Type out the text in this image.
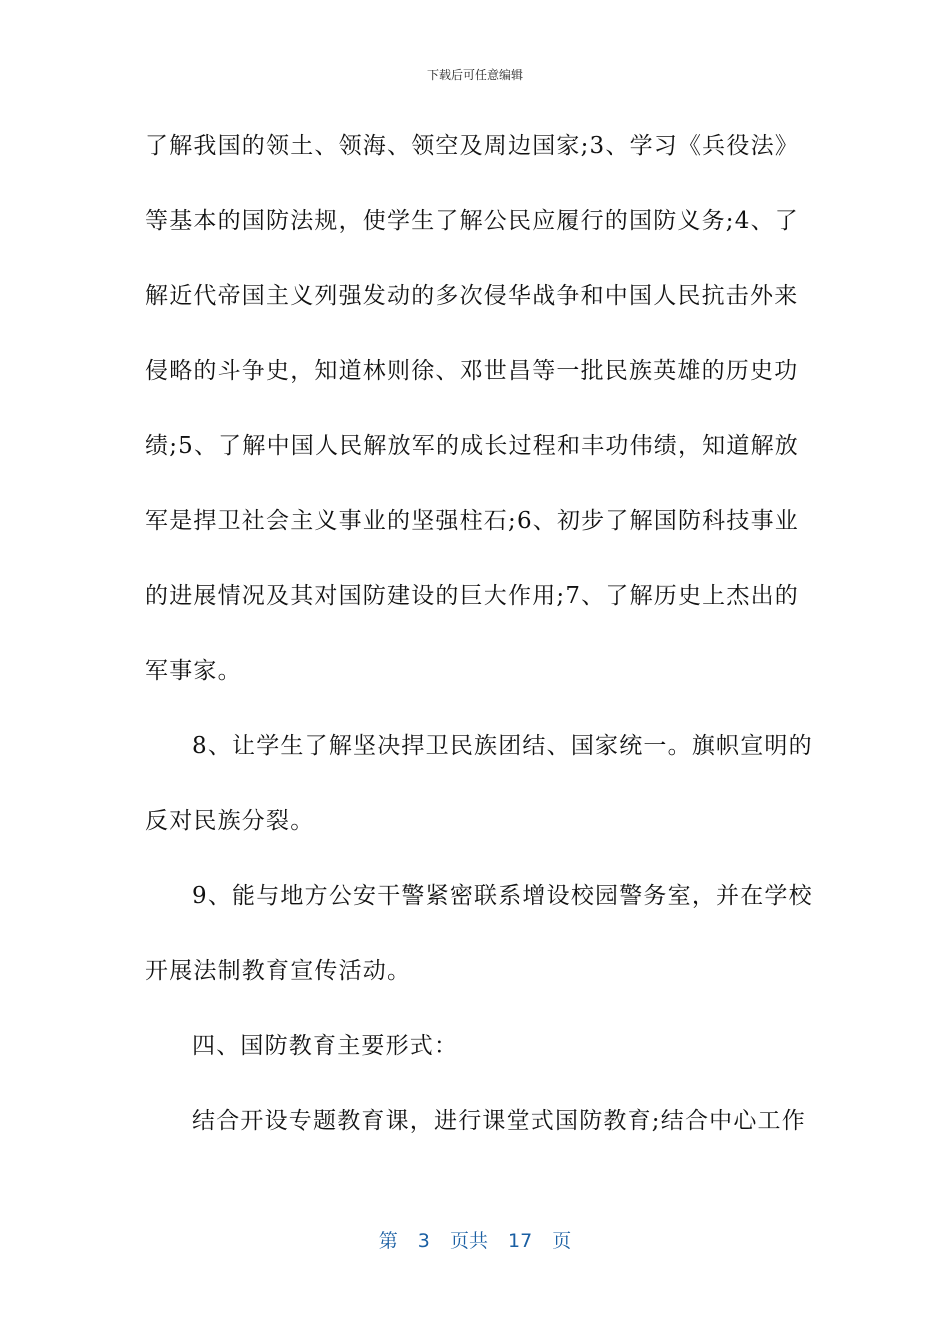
下载后可任意编辑
了解我国的领土、领海、领空及周边国家;3、学习《兵役法》
等基本的国防法规，使学生了解公民应履行的国防义务;4、了
解近代帝国主义列强发动的多次侵华战争和中国人民抗击外来
侵略的斗争史，知道林则徐、邓世昌等一批民族英雄的历史功
绩;5、了解中国人民解放军的成长过程和丰功伟绩，知道解放
军是捍卫社会主义事业的坚强柱石;6、初步了解国防科技事业
的进展情况及其对国防建设的巨大作用;7、了解历史上杰出的
军事家。
8、让学生了解坚决捍卫民族团结、国家统一。旗帜宣明的
反对民族分裂。
9、能与地方公安干警紧密联系增设校园警务室，并在学校
开展法制教育宣传活动。
四、国防教育主要形式：
结合开设专题教育课，进行课堂式国防教育;结合中心工作
第 3 页共 17 页
